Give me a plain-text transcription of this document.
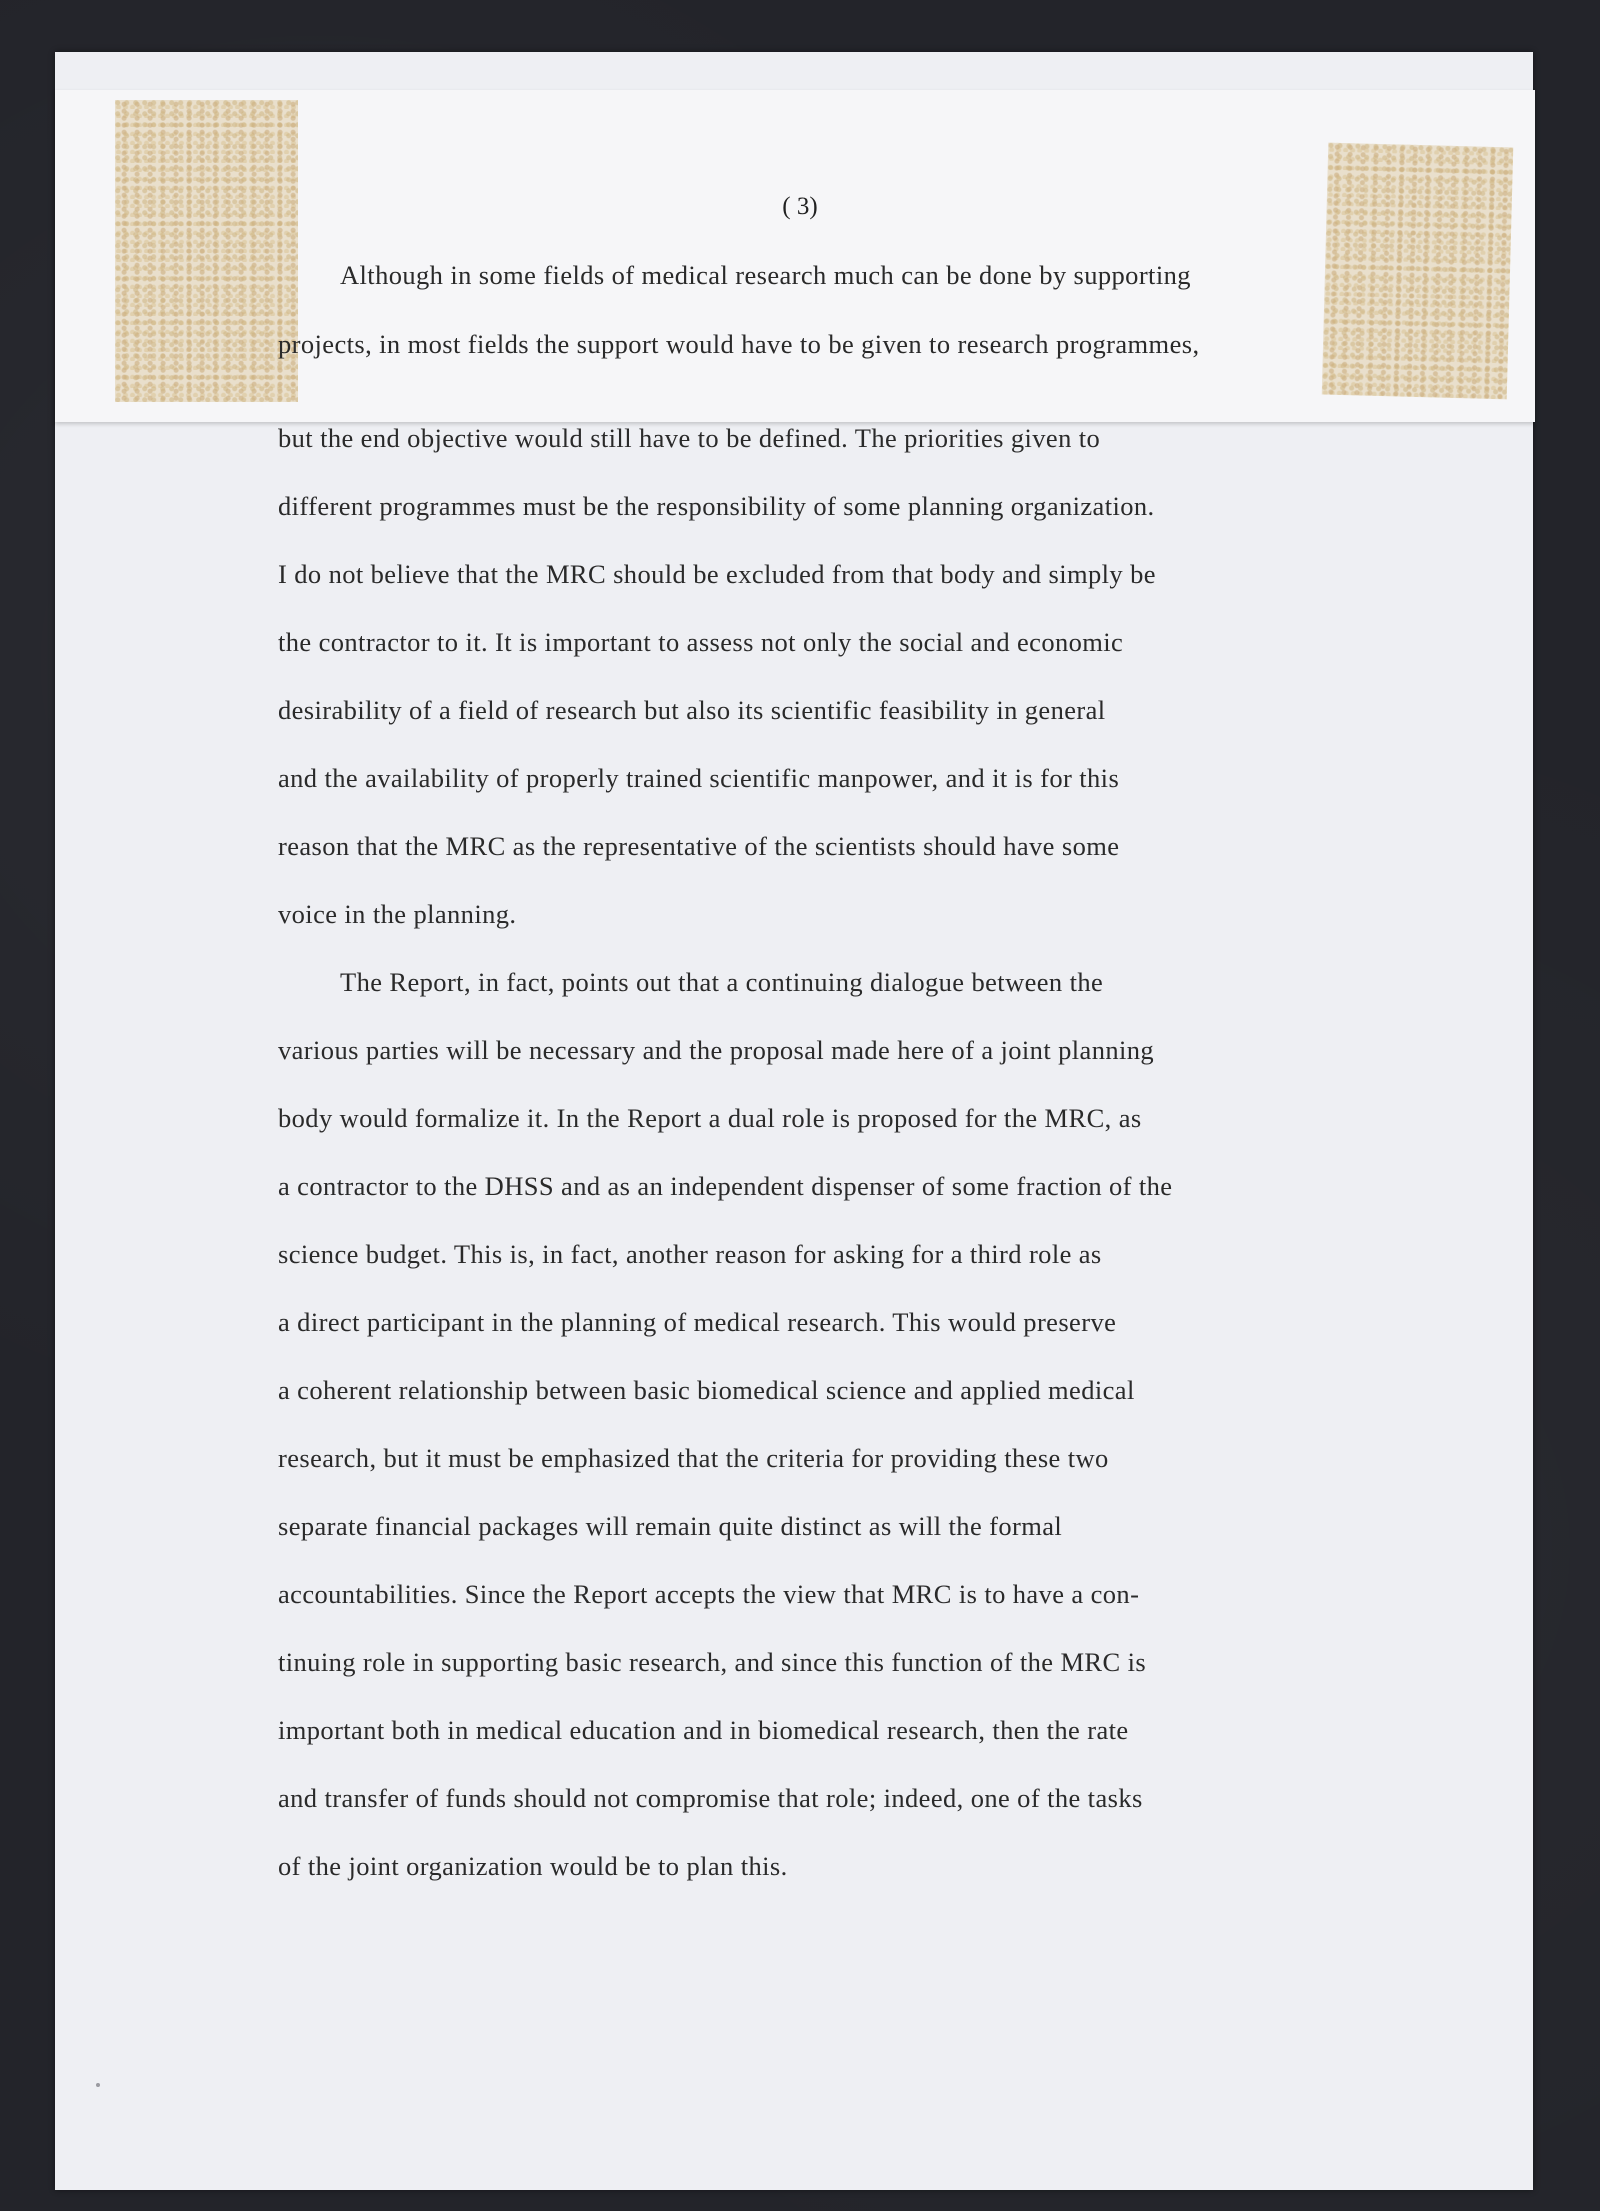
( 3)
Although in some fields of medical research much can be done by supporting
projects, in most fields the support would have to be given to research programmes,
but the end objective would still have to be defined. The priorities given to
different programmes must be the responsibility of some planning organization.
I do not believe that the MRC should be excluded from that body and simply be
the contractor to it. It is important to assess not only the social and economic
desirability of a field of research but also its scientific feasibility in general
and the availability of properly trained scientific manpower, and it is for this
reason that the MRC as the representative of the scientists should have some
voice in the planning.
The Report, in fact, points out that a continuing dialogue between the
various parties will be necessary and the proposal made here of a joint planning
body would formalize it. In the Report a dual role is proposed for the MRC, as
a contractor to the DHSS and as an independent dispenser of some fraction of the
science budget. This is, in fact, another reason for asking for a third role as
a direct participant in the planning of medical research. This would preserve
a coherent relationship between basic biomedical science and applied medical
research, but it must be emphasized that the criteria for providing these two
separate financial packages will remain quite distinct as will the formal
accountabilities. Since the Report accepts the view that MRC is to have a con-
tinuing role in supporting basic research, and since this function of the MRC is
important both in medical education and in biomedical research, then the rate
and transfer of funds should not compromise that role; indeed, one of the tasks
of the joint organization would be to plan this.
